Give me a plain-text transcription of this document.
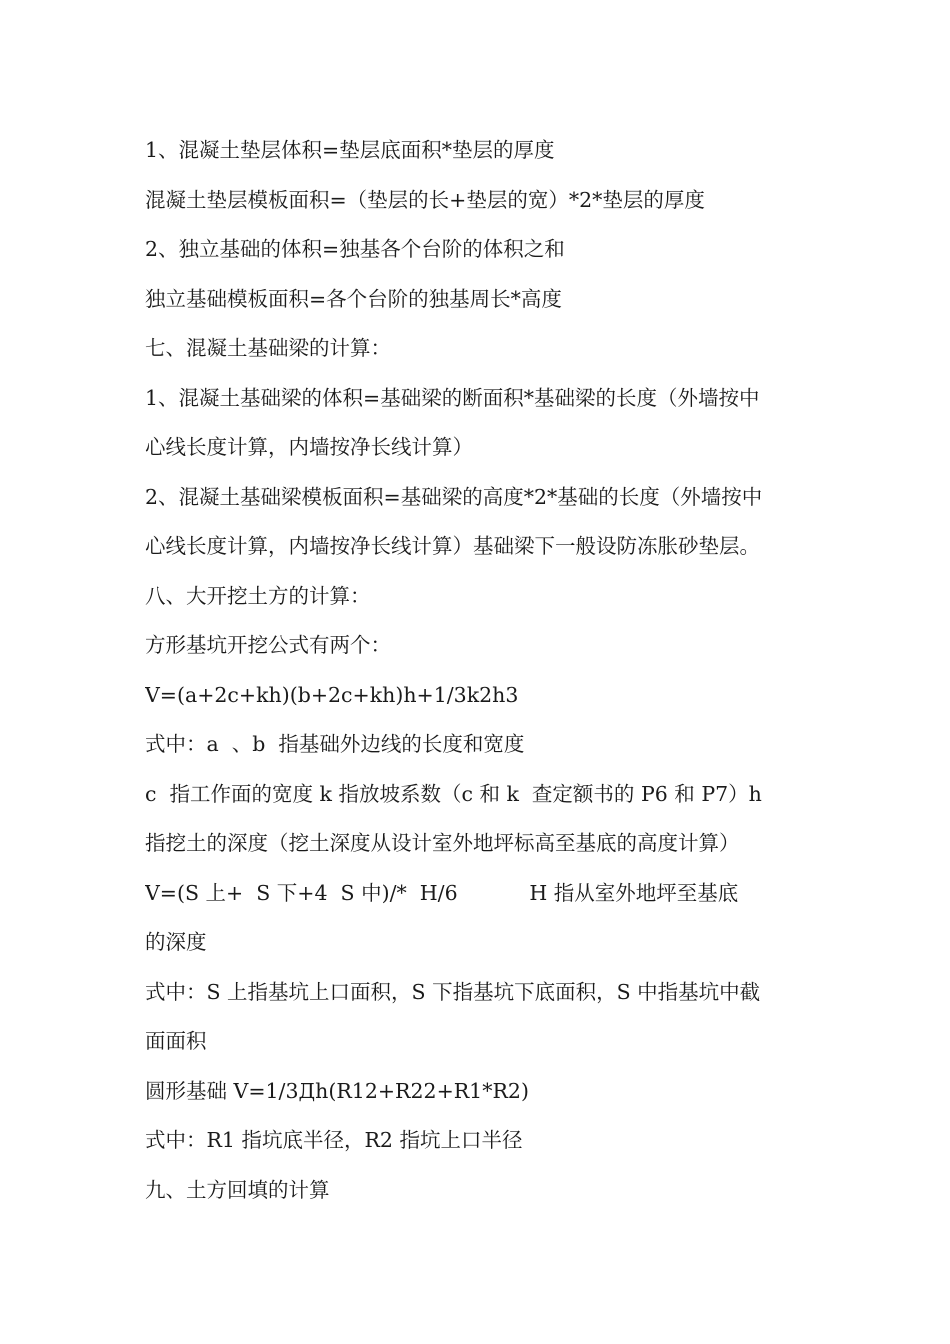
1、混凝土垫层体积=垫层底面积*垫层的厚度
混凝土垫层模板面积=（垫层的长+垫层的宽）*2*垫层的厚度
2、独立基础的体积=独基各个台阶的体积之和
独立基础模板面积=各个台阶的独基周长*高度
七、混凝土基础梁的计算：
1、混凝土基础梁的体积=基础梁的断面积*基础梁的长度（外墙按中
心线长度计算，内墙按净长线计算）
2、混凝土基础梁模板面积=基础梁的高度*2*基础的长度（外墙按中
心线长度计算，内墙按净长线计算）基础梁下一般设防冻胀砂垫层。
八、大开挖土方的计算：
方形基坑开挖公式有两个：
V=(a+2c+kh)(b+2c+kh)h+1/3k2h3
式中：a  、b  指基础外边线的长度和宽度
c  指工作面的宽度 k 指放坡系数（c 和 k  查定额书的 P6 和 P7）h
指挖土的深度（挖土深度从设计室外地坪标高至基底的高度计算）
V=(S 上+  S 下+4  S 中)/*  H/6           H 指从室外地坪至基底
的深度
式中：S 上指基坑上口面积，S 下指基坑下底面积，S 中指基坑中截
面面积
圆形基础 V=1/3Дh(R12+R22+R1*R2)
式中：R1 指坑底半径，R2 指坑上口半径
九、土方回填的计算
